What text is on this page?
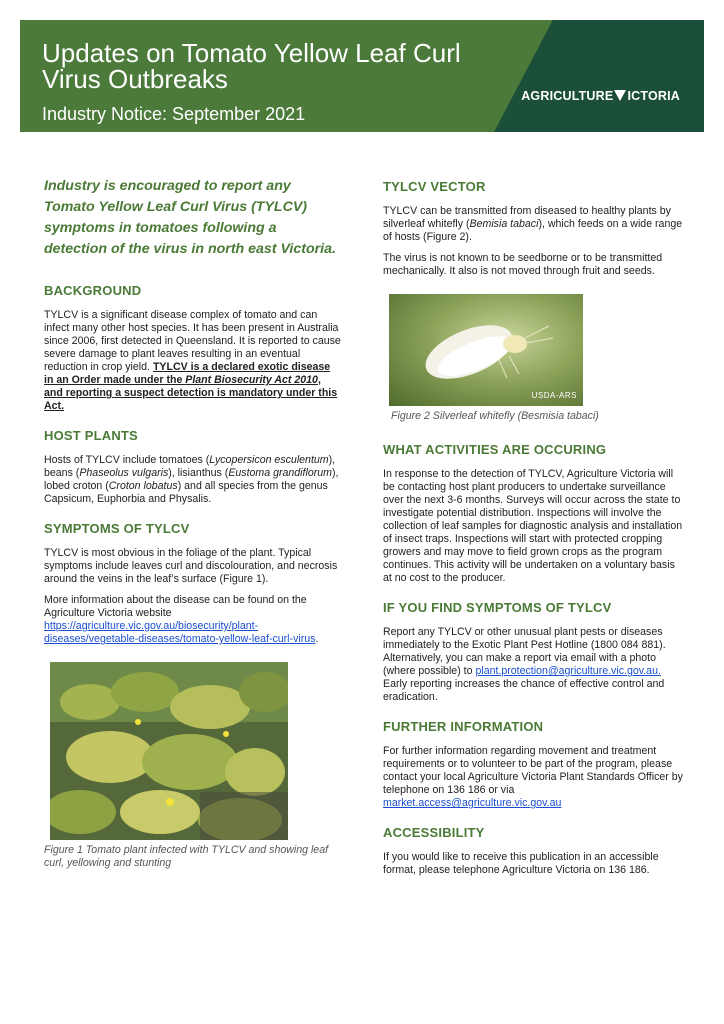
Updates on Tomato Yellow Leaf Curl Virus Outbreaks
Industry Notice: September 2021
AGRICULTURE ICTORIA

Industry is encouraged to report any Tomato Yellow Leaf Curl Virus (TYLCV) symptoms in tomatoes following a detection of the virus in north east Victoria.

BACKGROUND

TYLCV is a significant disease complex of tomato and can infect many other host species. It has been present in Australia since 2006, first detected in Queensland. It is reported to cause severe damage to plant leaves resulting in an eventual reduction in crop yield. TYLCV is a declared exotic disease in an Order made under the Plant Biosecurity Act 2010, and reporting a suspect detection is mandatory under this Act.

HOST PLANTS

Hosts of TYLCV include tomatoes (Lycopersicon esculentum), beans (Phaseolus vulgaris), lisianthus (Eustoma grandiflorum), lobed croton (Croton lobatus) and all species from the genus Capsicum, Euphorbia and Physalis.

SYMPTOMS OF TYLCV

TYLCV is most obvious in the foliage of the plant. Typical symptoms include leaves curl and discolouration, and necrosis around the veins in the leaf’s surface (Figure 1).

More information about the disease can be found on the Agriculture Victoria website https://agriculture.vic.gov.au/biosecurity/plant-diseases/vegetable-diseases/tomato-yellow-leaf-curl-virus.

Figure 1 Tomato plant infected with TYLCV and showing leaf curl, yellowing and stunting
TYLCV VECTOR

TYLCV can be transmitted from diseased to healthy plants by silverleaf whitefly (Bemisia tabaci), which feeds on a wide range of hosts (Figure 2).

The virus is not known to be seedborne or to be transmitted mechanically. It also is not moved through fruit and seeds.

USDA-ARS
Figure 2 Silverleaf whitefly (Besmisia tabaci)
WHAT ACTIVITIES ARE OCCURING

In response to the detection of TYLCV, Agriculture Victoria will be contacting host plant producers to undertake surveillance over the next 3-6 months. Surveys will occur across the state to investigate potential distribution. Inspections will involve the collection of leaf samples for diagnostic analysis and installation of insect traps. Inspections will start with protected cropping growers and may move to field grown crops as the program continues. This activity will be undertaken on a voluntary basis at no cost to the producer.

IF YOU FIND SYMPTOMS OF TYLCV

Report any TYLCV or other unusual plant pests or diseases immediately to the Exotic Plant Pest Hotline (1800 084 881). Alternatively, you can make a report via email with a photo (where possible) to plant.protection@agriculture.vic.gov.au. Early reporting increases the chance of effective control and eradication.

FURTHER INFORMATION

For further information regarding movement and treatment requirements or to volunteer to be part of the program, please contact your local Agriculture Victoria Plant Standards Officer by telephone on 136 186 or via market.access@agriculture.vic.gov.au

ACCESSIBILITY

If you would like to receive this publication in an accessible format, please telephone Agriculture Victoria on 136 186.
